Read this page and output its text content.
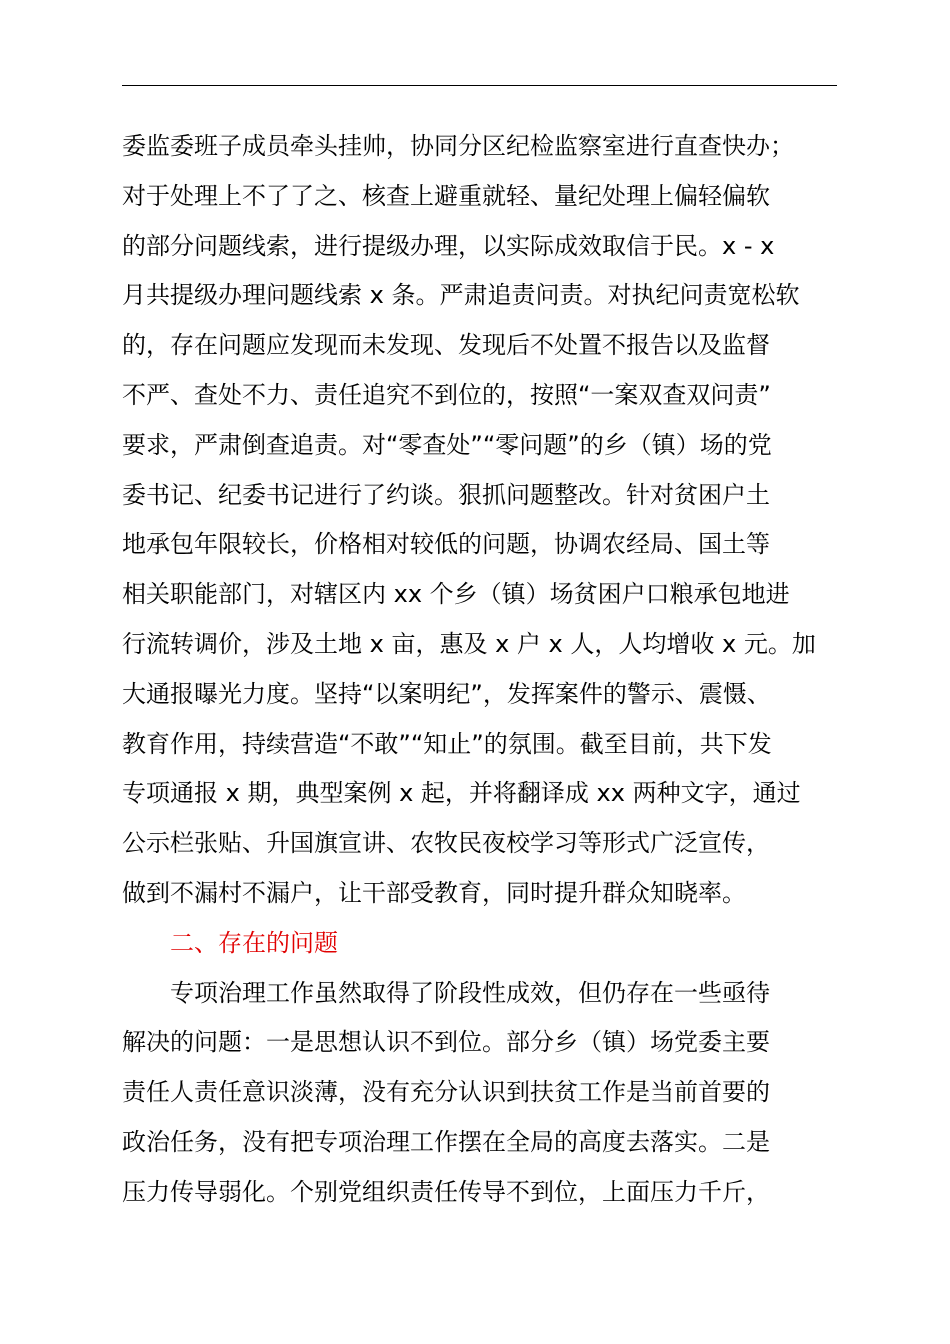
委监委班子成员牵头挂帅，协同分区纪检监察室进行直查快办；
对于处理上不了了之、核查上避重就轻、量纪处理上偏轻偏软
的部分问题线索，进行提级办理，以实际成效取信于民。x - x
月共提级办理问题线索 x 条。严肃追责问责。对执纪问责宽松软
的，存在问题应发现而未发现、发现后不处置不报告以及监督
不严、查处不力、责任追究不到位的，按照“一案双查双问责”
要求，严肃倒查追责。对“零查处”“零问题”的乡（镇）场的党
委书记、纪委书记进行了约谈。狠抓问题整改。针对贫困户土
地承包年限较长，价格相对较低的问题，协调农经局、国土等
相关职能部门，对辖区内 xx 个乡（镇）场贫困户口粮承包地进
行流转调价，涉及土地 x 亩，惠及 x 户 x 人，人均增收 x 元。加
大通报曝光力度。坚持“以案明纪”，发挥案件的警示、震慑、
教育作用，持续营造“不敢”“知止”的氛围。截至目前，共下发
专项通报 x 期，典型案例 x 起，并将翻译成 xx 两种文字，通过
公示栏张贴、升国旗宣讲、农牧民夜校学习等形式广泛宣传，
做到不漏村不漏户，让干部受教育，同时提升群众知晓率。
二、存在的问题
专项治理工作虽然取得了阶段性成效，但仍存在一些亟待
解决的问题：一是思想认识不到位。部分乡（镇）场党委主要
责任人责任意识淡薄，没有充分认识到扶贫工作是当前首要的
政治任务，没有把专项治理工作摆在全局的高度去落实。二是
压力传导弱化。个别党组织责任传导不到位，上面压力千斤，
